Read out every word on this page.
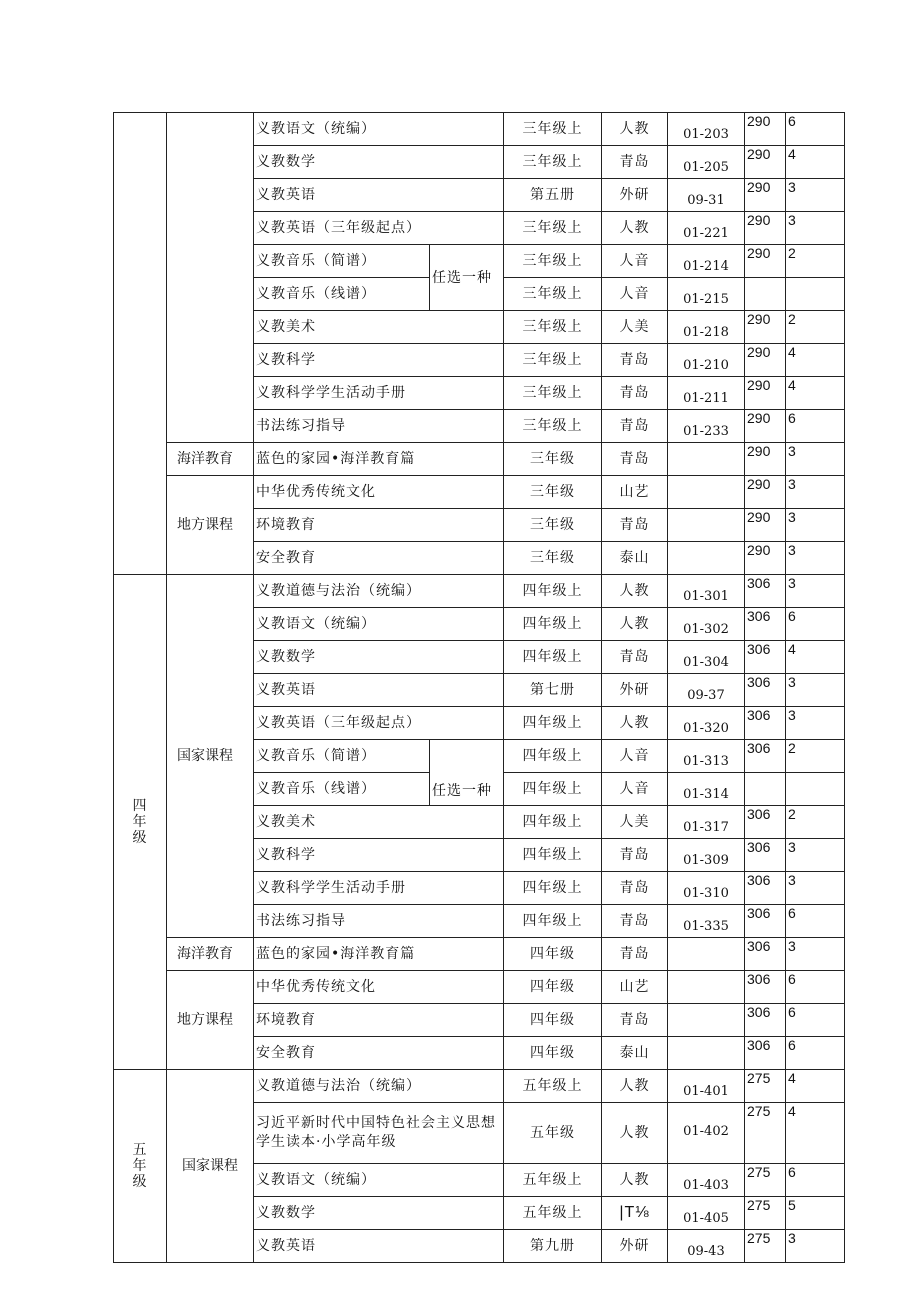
		义教语文（统编）		三年级上	人教	01-203	290	6
		义教数学		三年级上	青岛	01-205	290	4
		义教英语		第五册	外研	09-31	290	3
		义教英语（三年级起点）		三年级上	人教	01-221	290	3
		义教音乐（简谱）	任选一种	三年级上	人音	01-214	290	2
		义教音乐（线谱）		三年级上	人音	01-215		
		义教美术		三年级上	人美	01-218	290	2
		义教科学		三年级上	青岛	01-210	290	4
		义教科学学生活动手册		三年级上	青岛	01-211	290	4
		书法练习指导		三年级上	青岛	01-233	290	6
	海洋教育	蓝色的家园•海洋教育篇		三年级	青岛		290	3
	地方课程	中华优秀传统文化		三年级	山艺		290	3
		环境教育		三年级	青岛		290	3
		安全教育		三年级	泰山		290	3
四年级	国家课程	义教道德与法治（统编）		四年级上	人教	01-301	306	3
		义教语文（统编）		四年级上	人教	01-302	306	6
		义教数学		四年级上	青岛	01-304	306	4
		义教英语		第七册	外研	09-37	306	3
		义教英语（三年级起点）		四年级上	人教	01-320	306	3
		义教音乐（简谱）	任选一种	四年级上	人音	01-313	306	2
		义教音乐（线谱）		四年级上	人音	01-314		
		义教美术		四年级上	人美	01-317	306	2
		义教科学		四年级上	青岛	01-309	306	3
		义教科学学生活动手册		四年级上	青岛	01-310	306	3
		书法练习指导		四年级上	青岛	01-335	306	6
	海洋教育	蓝色的家园•海洋教育篇		四年级	青岛		306	3
	地方课程	中华优秀传统文化		四年级	山艺		306	6
		环境教育		四年级	青岛		306	6
		安全教育		四年级	泰山		306	6
五年级	国家课程	义教道德与法治（统编）		五年级上	人教	01-401	275	4
		习近平新时代中国特色社会主义思想学生读本·小学高年级		五年级	人教	01-402	275	4
		义教语文（统编）		五年级上	人教	01-403	275	6
		义教数学		五年级上	|T⅛	01-405	275	5
		义教英语		第九册	外研	09-43	275	3
